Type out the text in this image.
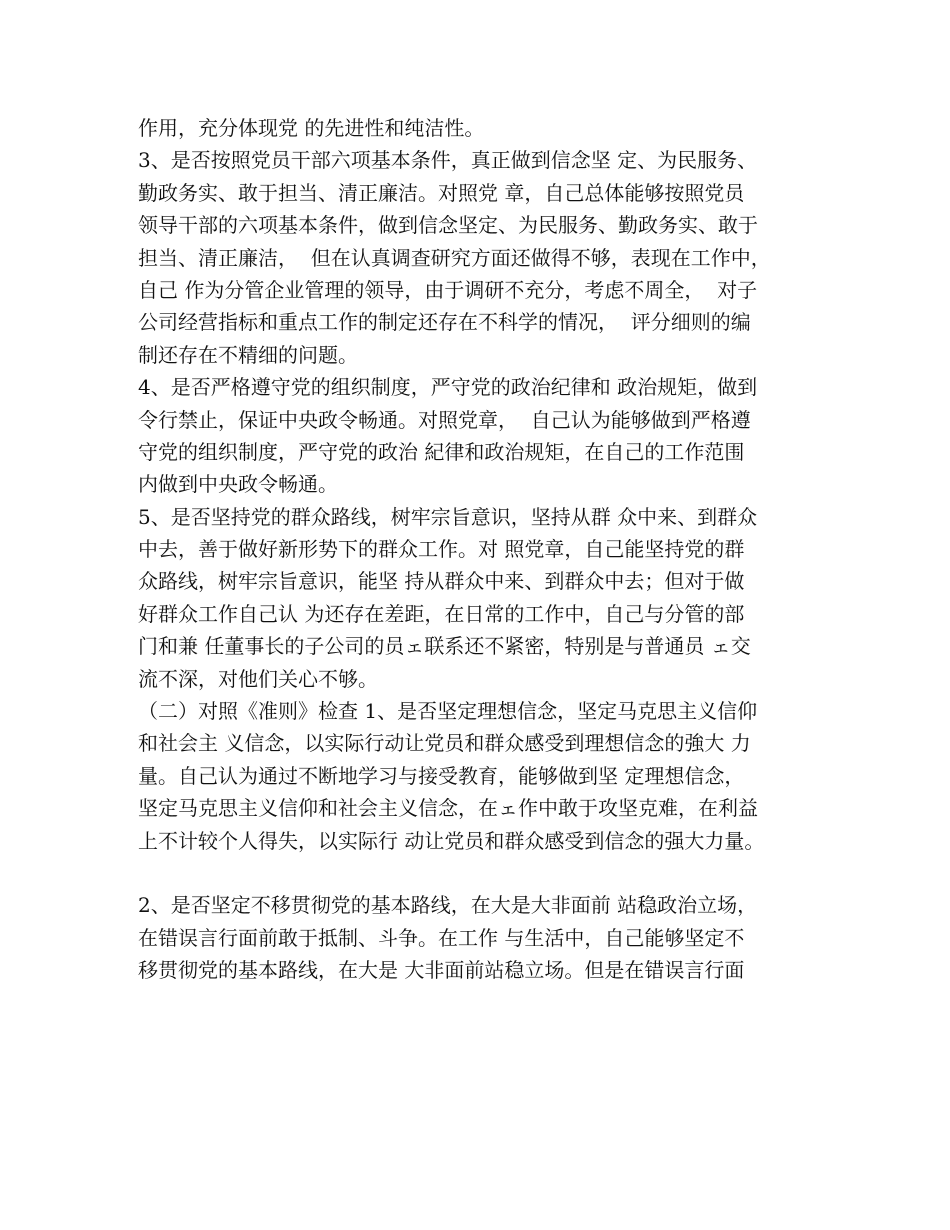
作用，充分体现党 的先进性和纯洁性。
3、是否按照党员干部六项基本条件，真正做到信念坚 定、为民服务、
勤政务实、敢于担当、清正廉洁。对照党 章，自己总体能够按照党员
领导干部的六项基本条件，做到信念坚定、为民服务、勤政务实、敢于
担当、清正廉洁，  但在认真调查研究方面还做得不够，表现在工作中，
自己 作为分管企业管理的领导，由于调研不充分，考虑不周全，  对子
公司经营指标和重点工作的制定还存在不科学的情况，  评分细则的编
制还存在不精细的问题。
4、是否严格遵守党的组织制度，严守党的政治纪律和 政治规矩，做到
令行禁止，保证中央政令畅通。对照党章，  自己认为能够做到严格遵
守党的组织制度，严守党的政治 紀律和政治规矩，在自己的工作范围
内做到中央政令畅通。
5、是否坚持党的群众路线，树牢宗旨意识，坚持从群 众中来、到群众
中去，善于做好新形势下的群众工作。对 照党章，自己能坚持党的群
众路线，树牢宗旨意识，能坚 持从群众中来、到群众中去；但对于做
好群众工作自己认 为还存在差距，在日常的工作中，自己与分管的部
门和兼 任董事长的子公司的员ェ联系还不紧密，特别是与普通员 ェ交
流不深，对他们关心不够。
（二）对照《准则》检查 1、是否坚定理想信念，坚定马克思主义信仰
和社会主 义信念，以实际行动让党员和群众感受到理想信念的強大 力
量。自己认为通过不断地学习与接受教育，能够做到坚 定理想信念，
坚定马克思主义信仰和社会主义信念，在ェ作中敢于攻坚克难，在利益
上不计较个人得失，以实际行 动让党员和群众感受到信念的强大力量。
2、是否坚定不移贯彻党的基本路线，在大是大非面前 站稳政治立场，
在错误言行面前敢于抵制、斗争。在工作 与生活中，自己能够坚定不
移贯彻党的基本路线，在大是 大非面前站稳立场。但是在错误言行面
